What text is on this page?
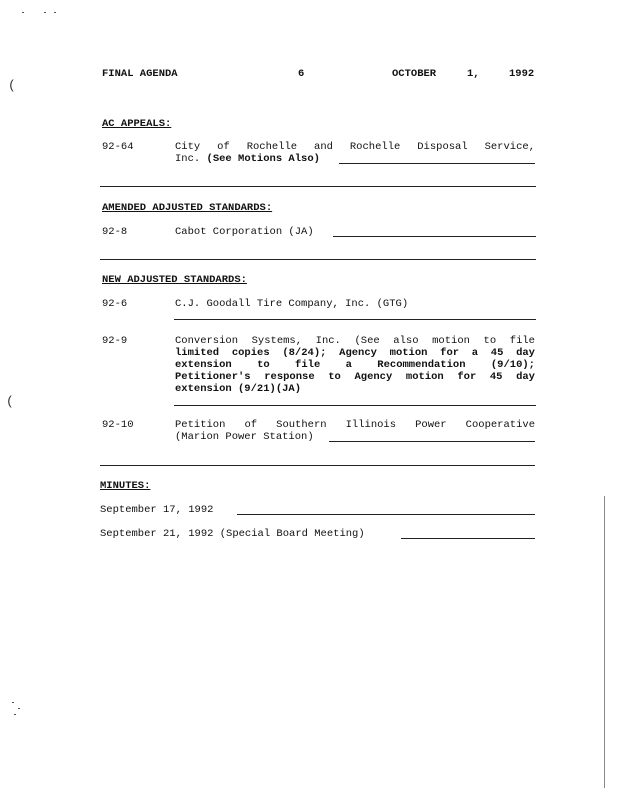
FINAL AGENDA	6	OCTOBER	1,	1992
AC APPEALS:
92-64	City of Rochelle and Rochelle Disposal Service,
Inc. (See Motions Also)
AMENDED ADJUSTED STANDARDS:
92-8	Cabot Corporation (JA)
NEW ADJUSTED STANDARDS:
92-6	C.J. Goodall Tire Company, Inc. (GTG)
92-9	Conversion Systems, Inc. (See also motion to file
limited copies (8/24); Agency motion for a 45 day
extension to file a Recommendation (9/10);
Petitioner's response to Agency motion for 45 day
extension (9/21)(JA)
92-10	Petition of Southern Illinois Power Cooperative
(Marion Power Station)
MINUTES:
September 17, 1992
September 21, 1992 (Special Board Meeting)
(
(
